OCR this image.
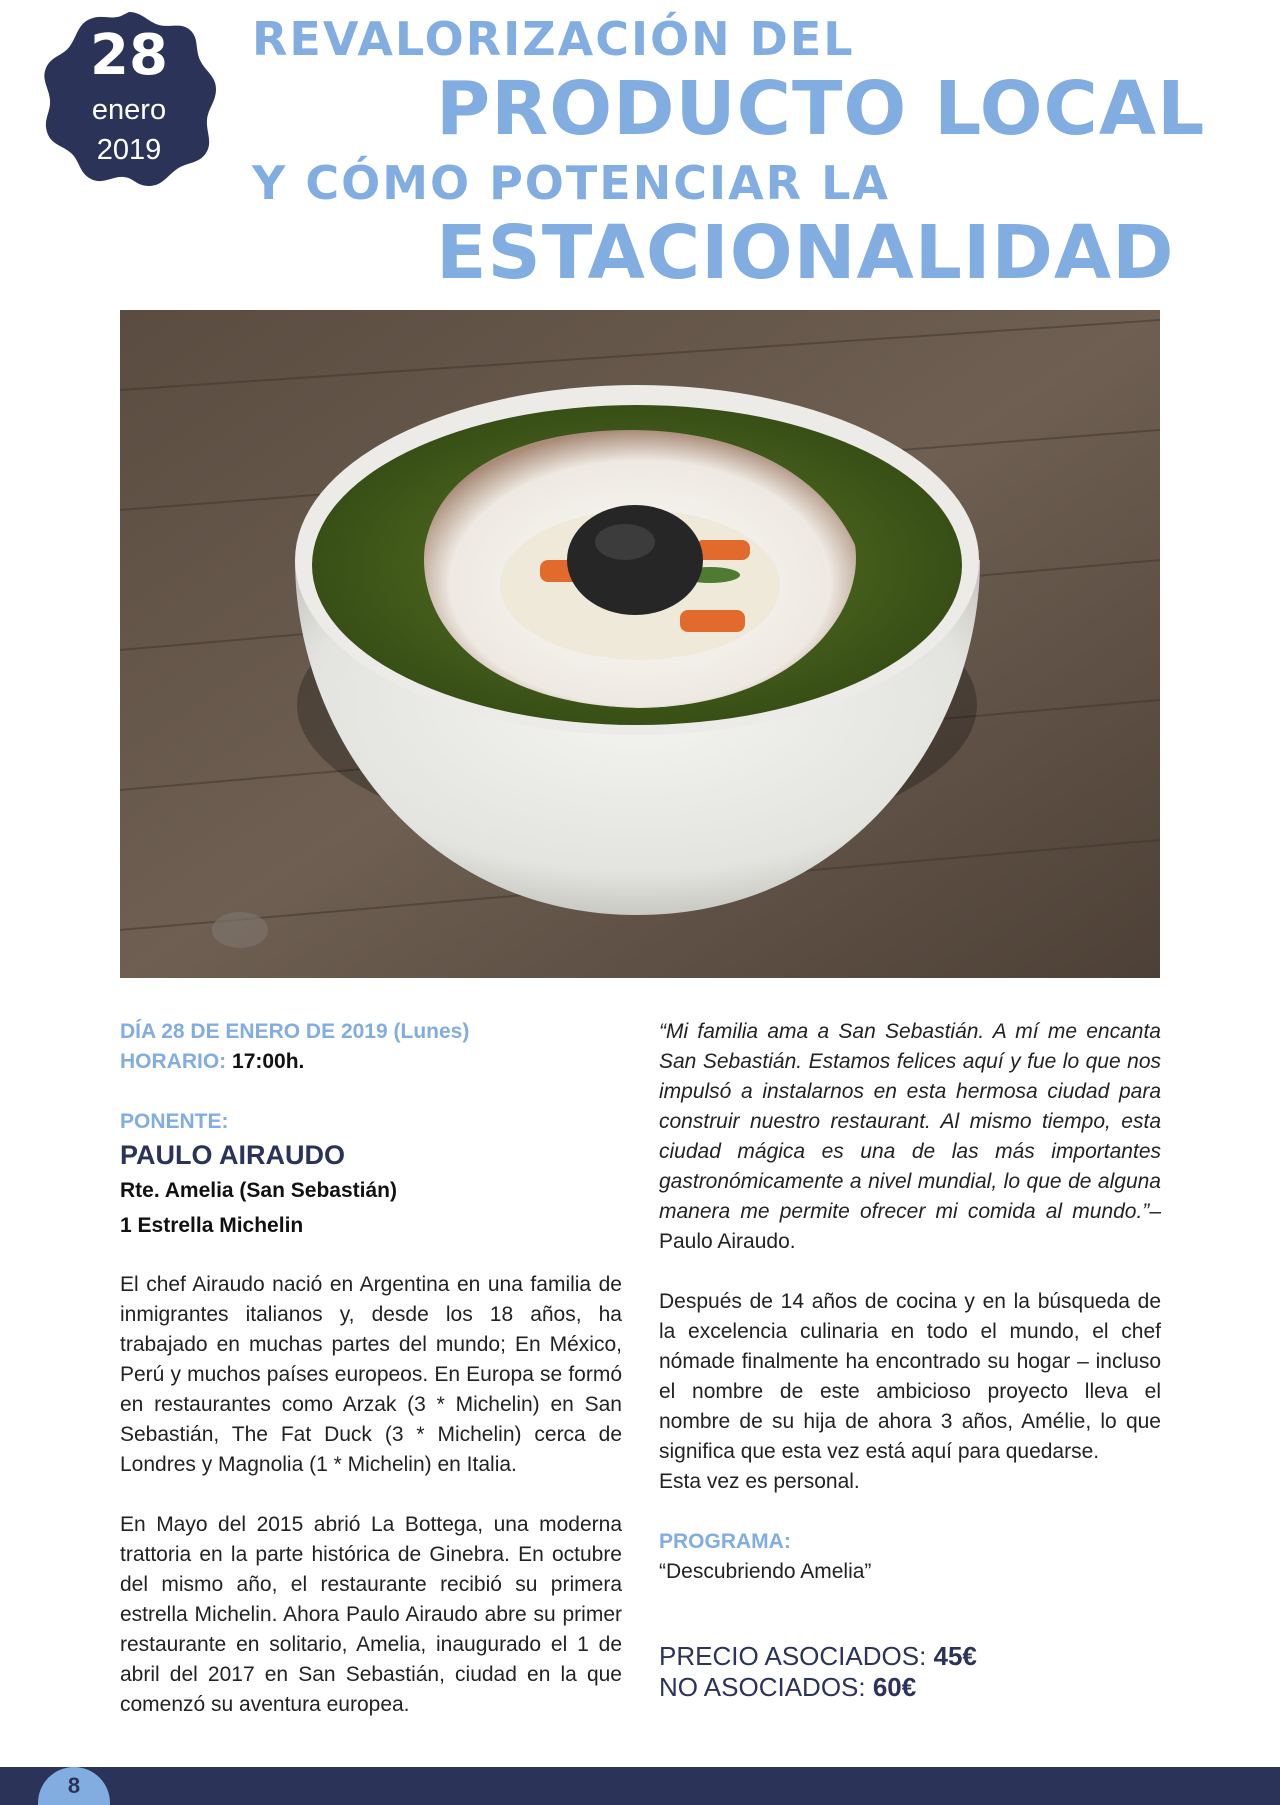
28
enero
2019
REVALORIZACIÓN DEL
PRODUCTO LOCAL
Y CÓMO POTENCIAR LA
ESTACIONALIDAD
DÍA 28 DE ENERO DE 2019 (Lunes)
HORARIO: 17:00h.
PONENTE:
PAULO AIRAUDO
Rte. Amelia (San Sebastián)
1 Estrella Michelin

El chef Airaudo nació en Argentina en una familia de inmigrantes italianos y, desde los 18 años, ha trabajado en muchas partes del mundo; En México, Perú y muchos países europeos. En Europa se formó en restaurantes como Arzak (3 * Michelin) en San Sebastián, The Fat Duck (3 * Michelin) cerca de Londres y Magnolia (1 * Michelin) en Italia.

En Mayo del 2015 abrió La Bottega, una moderna trattoria en la parte histórica de Ginebra. En octubre del mismo año, el restaurante recibió su primera estrella Michelin. Ahora Paulo Airaudo abre su primer restaurante en solitario, Amelia, inaugurado el 1 de abril del 2017 en San Sebastián, ciudad en la que comenzó su aventura europea.

“Mi familia ama a San Sebastián. A mí me encanta San Sebastián. Estamos felices aquí y fue lo que nos impulsó a instalarnos en esta hermosa ciudad para construir nuestro restaurant. Al mismo tiempo, esta ciudad mágica es una de las más importantes gastronómicamente a nivel mundial, lo que de alguna manera me permite ofrecer mi comida al mundo.”– Paulo Airaudo.

Después de 14 años de cocina y en la búsqueda de la excelencia culinaria en todo el mundo, el chef nómade finalmente ha encontrado su hogar – incluso el nombre de este ambicioso proyecto lleva el nombre de su hija de ahora 3 años, Amélie, lo que significa que esta vez está aquí para quedarse.

Esta vez es personal.

PROGRAMA:
“Descubriendo Amelia”
PRECIO ASOCIADOS: 45€
NO ASOCIADOS: 60€
8
